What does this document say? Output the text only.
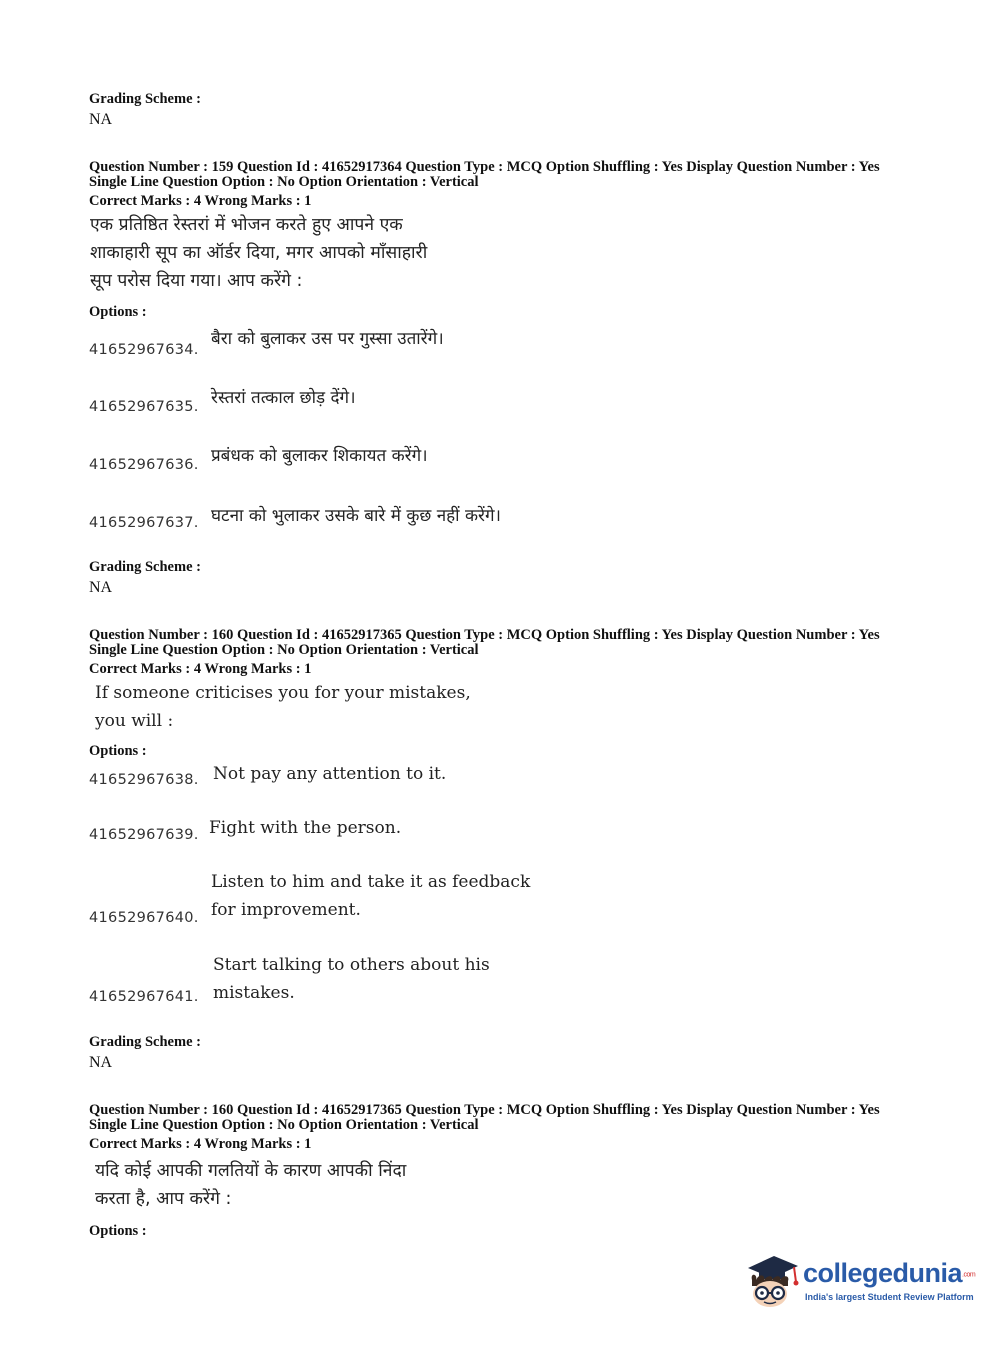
Grading Scheme :
NA
Question Number : 159 Question Id : 41652917364 Question Type : MCQ Option Shuffling : Yes Display Question Number : Yes
Single Line Question Option : No Option Orientation : Vertical
Correct Marks : 4 Wrong Marks : 1
एक प्रतिष्ठित रेस्तरां में भोजन करते हुए आपने एक
शाकाहारी सूप का ऑर्डर दिया, मगर आपको माँसाहारी
सूप परोस दिया गया। आप करेंगे :
Options :
41652967634.
बैरा को बुलाकर उस पर गुस्सा उतारेंगे।
41652967635. रेस्तरां तत्काल छोड़ देंगे।
41652967636. प्रबंधक को बुलाकर शिकायत करेंगे।
41652967637. घटना को भुलाकर उसके बारे में कुछ नहीं करेंगे।
Grading Scheme :
NA
Question Number : 160 Question Id : 41652917365 Question Type : MCQ Option Shuffling : Yes Display Question Number : Yes
Single Line Question Option : No Option Orientation : Vertical
Correct Marks : 4 Wrong Marks : 1
If someone criticises you for your mistakes,
you will :
Options :
41652967638. Not pay any attention to it.
41652967639. Fight with the person.
41652967640.
Listen to him and take it as feedback
for improvement.
41652967641.
Start talking to others about his
mistakes.
Grading Scheme :
NA
Question Number : 160 Question Id : 41652917365 Question Type : MCQ Option Shuffling : Yes Display Question Number : Yes
Single Line Question Option : No Option Orientation : Vertical
Correct Marks : 4 Wrong Marks : 1
यदि कोई आपकी गलतियों के कारण आपकी निंदा
करता है, आप करेंगे :
Options :
collegedunia.com
India's largest Student Review Platform
